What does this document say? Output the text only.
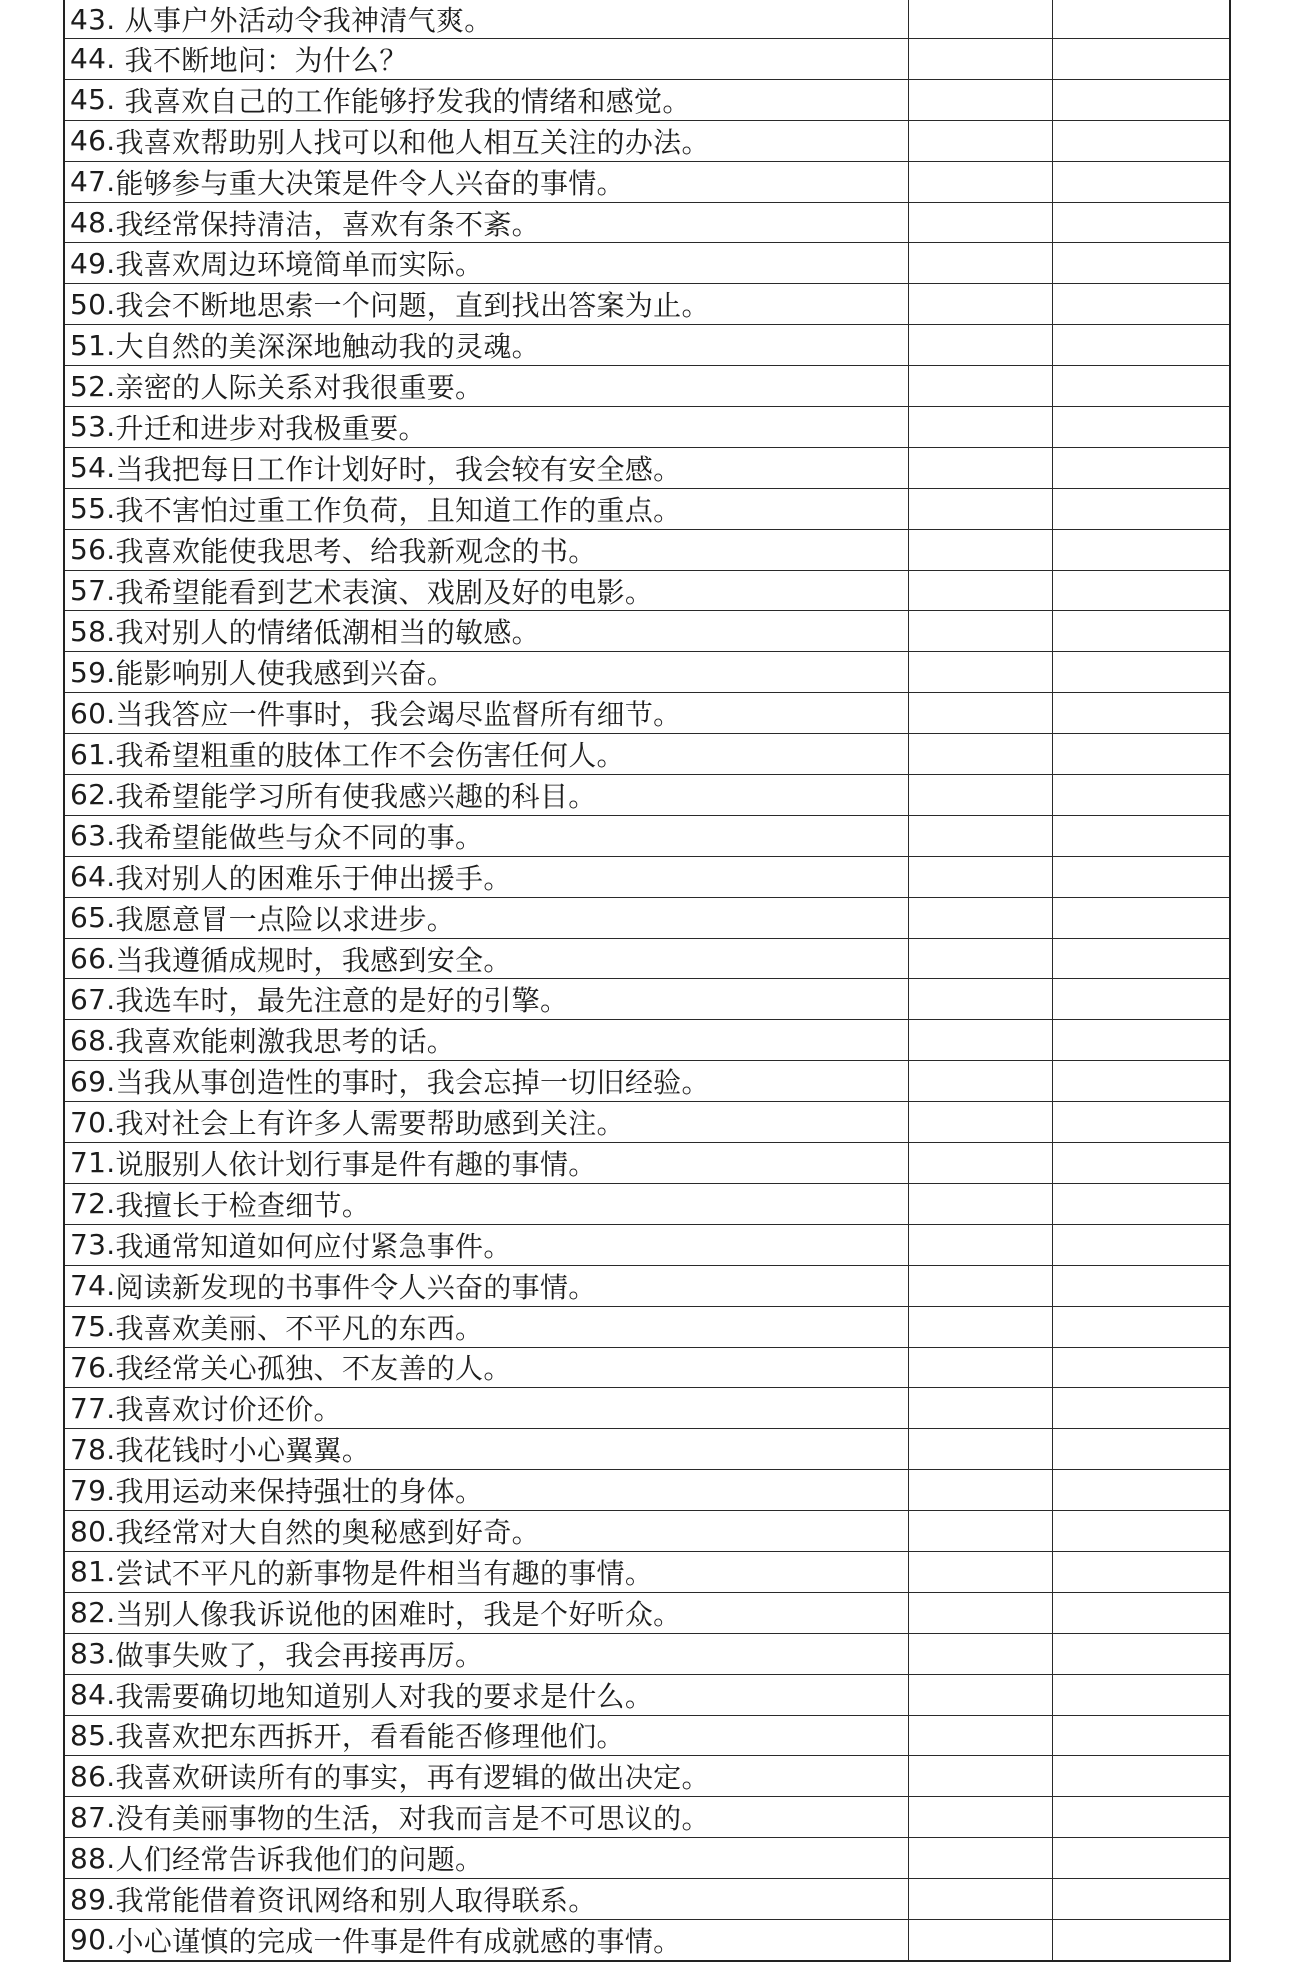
43. 从事户外活动令我神清气爽。
44. 我不断地问：为什么？
45. 我喜欢自己的工作能够抒发我的情绪和感觉。
46. 我喜欢帮助别人找可以和他人相互关注的办法。
47. 能够参与重大决策是件令人兴奋的事情。
48. 我经常保持清洁，喜欢有条不紊。
49. 我喜欢周边环境简单而实际。
50. 我会不断地思索一个问题，直到找出答案为止。
51. 大自然的美深深地触动我的灵魂。
52. 亲密的人际关系对我很重要。
53. 升迁和进步对我极重要。
54. 当我把每日工作计划好时，我会较有安全感。
55. 我不害怕过重工作负荷，且知道工作的重点。
56. 我喜欢能使我思考、给我新观念的书。
57. 我希望能看到艺术表演、戏剧及好的电影。
58. 我对别人的情绪低潮相当的敏感。
59. 能影响别人使我感到兴奋。
60. 当我答应一件事时，我会竭尽监督所有细节。
61. 我希望粗重的肢体工作不会伤害任何人。
62. 我希望能学习所有使我感兴趣的科目。
63. 我希望能做些与众不同的事。
64. 我对别人的困难乐于伸出援手。
65. 我愿意冒一点险以求进步。
66. 当我遵循成规时，我感到安全。
67. 我选车时，最先注意的是好的引擎。
68. 我喜欢能刺激我思考的话。
69. 当我从事创造性的事时，我会忘掉一切旧经验。
70. 我对社会上有许多人需要帮助感到关注。
71. 说服别人依计划行事是件有趣的事情。
72. 我擅长于检查细节。
73. 我通常知道如何应付紧急事件。
74. 阅读新发现的书事件令人兴奋的事情。
75. 我喜欢美丽、不平凡的东西。
76. 我经常关心孤独、不友善的人。
77. 我喜欢讨价还价。
78. 我花钱时小心翼翼。
79. 我用运动来保持强壮的身体。
80. 我经常对大自然的奥秘感到好奇。
81. 尝试不平凡的新事物是件相当有趣的事情。
82. 当别人像我诉说他的困难时，我是个好听众。
83. 做事失败了，我会再接再厉。
84. 我需要确切地知道别人对我的要求是什么。
85. 我喜欢把东西拆开，看看能否修理他们。
86. 我喜欢研读所有的事实，再有逻辑的做出决定。
87. 没有美丽事物的生活，对我而言是不可思议的。
88. 人们经常告诉我他们的问题。
89. 我常能借着资讯网络和别人取得联系。
90. 小心谨慎的完成一件事是件有成就感的事情。
